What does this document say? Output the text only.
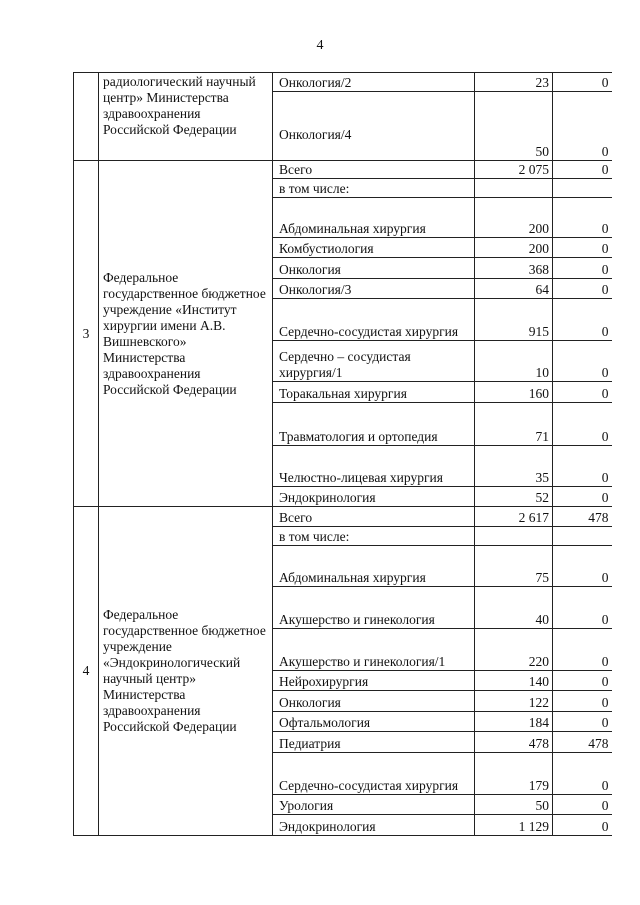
4
	радиологический научный центр» Министерства здравоохранения Российской Федерации	Онкология/2	23	0

		Онкология/4	50	0
3	Федеральное государственное бюджетное учреждение «Институт хирургии имени А.В. Вишневского» Министерства здравоохранения Российской Федерации	Всего	2 075	0
		в том числе:		
		Абдоминальная хирургия	200	0
		Комбустиология	200	0
		Онкология	368	0
		Онкология/3	64	0
		Сердечно-сосудистая хирургия	915	0
		Сердечно – сосудистая хирургия/1	10	0
		Торакальная хирургия	160	0
		Травматология и ортопедия	71	0
		Челюстно-лицевая хирургия	35	0
		Эндокринология	52	0
4	Федеральное государственное бюджетное учреждение «Эндокринологический научный центр» Министерства здравоохранения Российской Федерации	Всего	2 617	478
		в том числе:		
		Абдоминальная хирургия	75	0
		Акушерство и гинекология	40	0
		Акушерство и гинекология/1	220	0
		Нейрохирургия	140	0
		Онкология	122	0
		Офтальмология	184	0
		Педиатрия	478	478
		Сердечно-сосудистая хирургия	179	0
		Урология	50	0
		Эндокринология	1 129	0
